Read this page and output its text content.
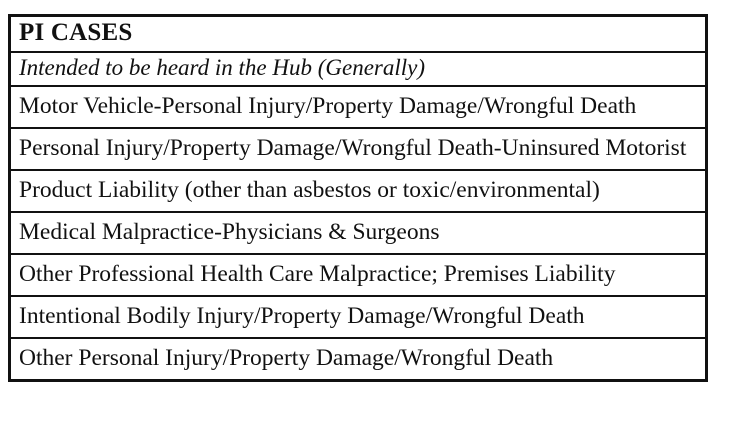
PI CASES
Intended to be heard in the Hub (Generally)
Motor Vehicle-Personal Injury/Property Damage/Wrongful Death
Personal Injury/Property Damage/Wrongful Death-Uninsured Motorist
Product Liability (other than asbestos or toxic/environmental)
Medical Malpractice-Physicians & Surgeons
Other Professional Health Care Malpractice; Premises Liability
Intentional Bodily Injury/Property Damage/Wrongful Death
Other Personal Injury/Property Damage/Wrongful Death
